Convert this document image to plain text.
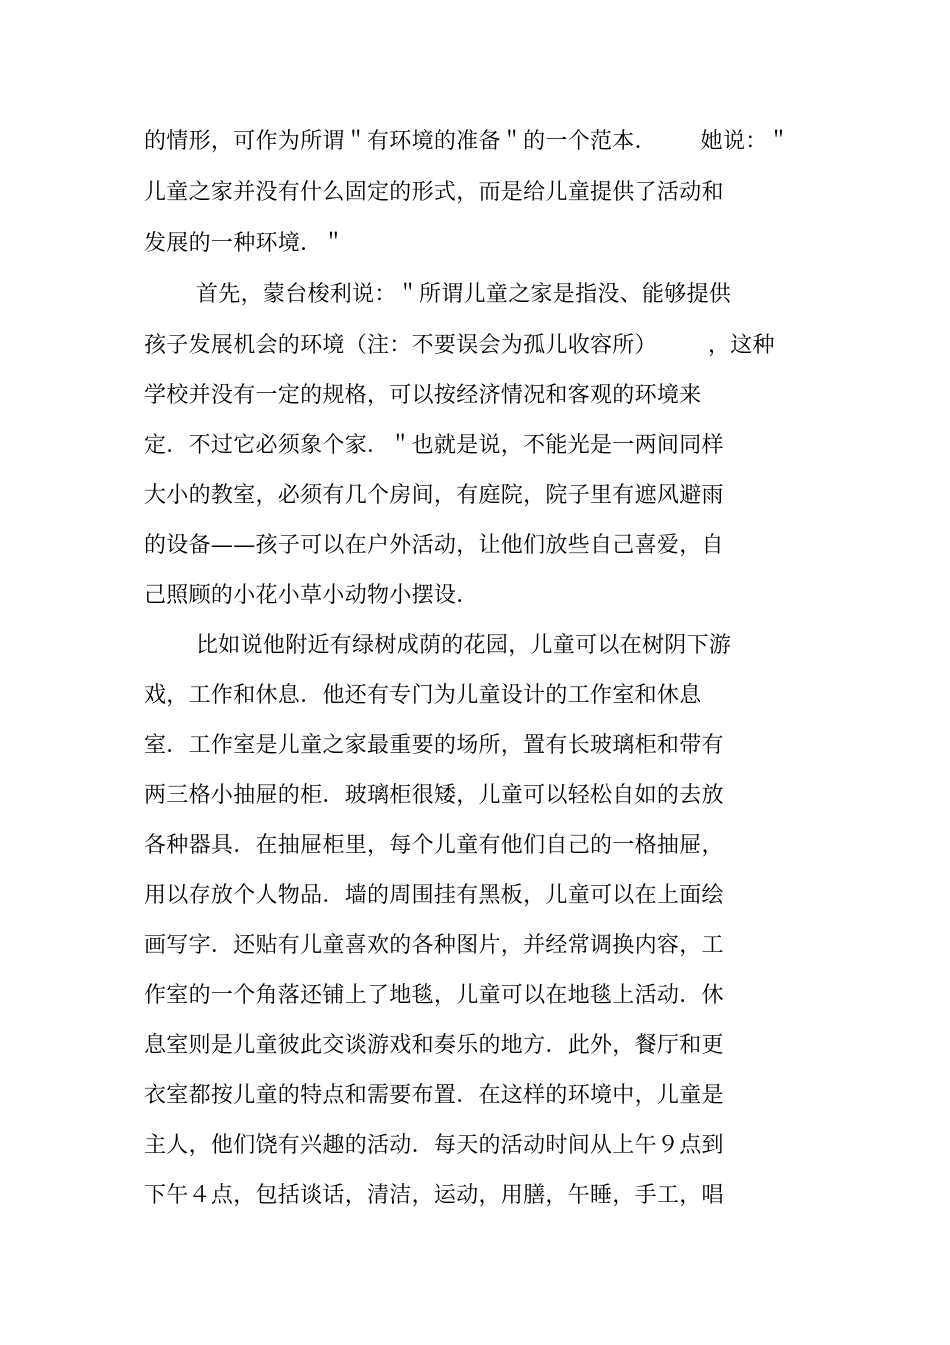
的情形，可作为所谓＂有环境的准备＂的一个范本．      她说：＂
儿童之家并没有什么固定的形式，而是给儿童提供了活动和
发展的一种环境．＂
首先，蒙台梭利说：＂所谓儿童之家是指没、能够提供
孩子发展机会的环境（注：不要误会为孤儿收容所）       ，这种
学校并没有一定的规格，可以按经济情况和客观的环境来
定．不过它必须象个家．＂也就是说，不能光是一两间同样
大小的教室，必须有几个房间，有庭院，院子里有遮风避雨
的设备——孩子可以在户外活动，让他们放些自己喜爱，自
己照顾的小花小草小动物小摆设．
比如说他附近有绿树成荫的花园，儿童可以在树阴下游
戏，工作和休息．他还有专门为儿童设计的工作室和休息
室．工作室是儿童之家最重要的场所，置有长玻璃柜和带有
两三格小抽屉的柜．玻璃柜很矮，儿童可以轻松自如的去放
各种器具．在抽屉柜里，每个儿童有他们自己的一格抽屉，
用以存放个人物品．墙的周围挂有黑板，儿童可以在上面绘
画写字．还贴有儿童喜欢的各种图片，并经常调换内容，工
作室的一个角落还铺上了地毯，儿童可以在地毯上活动．休
息室则是儿童彼此交谈游戏和奏乐的地方．此外，餐厅和更
衣室都按儿童的特点和需要布置．在这样的环境中，儿童是
主人，他们饶有兴趣的活动．每天的活动时间从上午９点到
下午４点，包括谈话，清洁，运动，用膳，午睡，手工，唱
